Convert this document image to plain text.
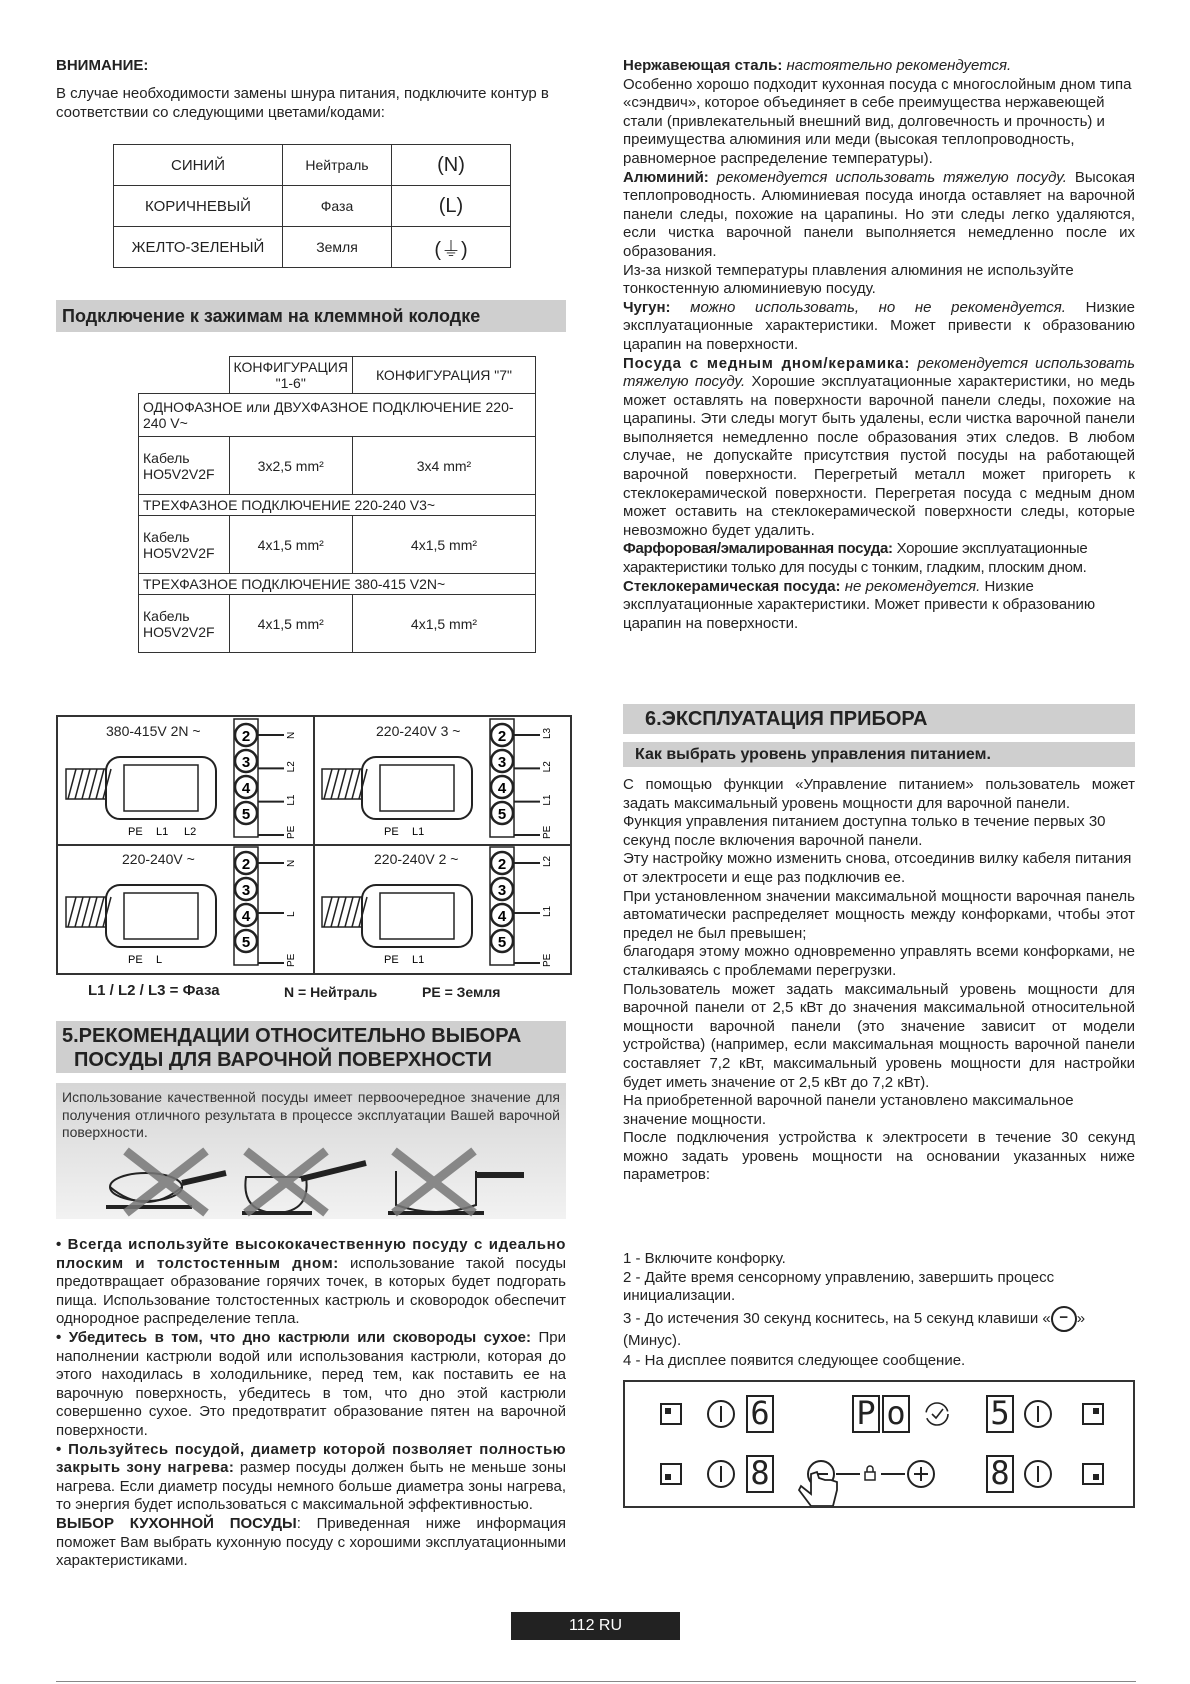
ВНИМАНИЕ:

В случае необходимости замены шнура питания, подключите контур в соответствии со следующими цветами/кодами:

СИНИЙ	Нейтраль	(N)
КОРИЧНЕВЫЙ	Фаза	(L)
ЖЕЛТО-ЗЕЛЕНЫЙ	Земля	(⏚)
Подключение к зажимам на клеммной колодке
	КОНФИГУРАЦИЯ "1-6"	КОНФИГУРАЦИЯ "7"
ОДНОФАЗНОЕ или ДВУХФАЗНОЕ ПОДКЛЮЧЕНИЕ 220-240 V~		
Кабель HO5V2V2F	3x2,5 mm²	3x4 mm²
ТРЕХФАЗНОЕ ПОДКЛЮЧЕНИЕ 220-240 V3~		
Кабель HO5V2V2F	4x1,5 mm²	4x1,5 mm²
ТРЕХФАЗНОЕ ПОДКЛЮЧЕНИЕ 380-415 V2N~		
Кабель HO5V2V2F	4x1,5 mm²	4x1,5 mm²
2
3
4
5
N
L2
L1
PE
PE L1 L2
2
3
4
5
L3
L2
L1
PE
PE L1
2
3
4
5
N
L
PE
PE L
2
3
4
5
L2
L1
PE
PE L1
380-415V 2N ~	220-240V 3 ~
220-240V ~	220-240V 2 ~
L1 / L2 / L3 = Фаза	N = Нейтраль	PE = Земля
5.РЕКОМЕНДАЦИИ ОТНОСИТЕЛЬНО ВЫБОРА
ПОСУДЫ ДЛЯ ВАРОЧНОЙ ПОВЕРХНОСТИ

Использование качественной посуды имеет первоочередное значение для получения отличного результата в процессе эксплуатации Вашей варочной поверхности.

• Всегда используйте высококачественную посуду с идеально плоским и толстостенным дном: использование такой посуды предотвращает образование горячих точек, в которых будет подгорать пища. Использование толстостенных кастрюль и сковородок обеспечит однородное распределение тепла.

• Убедитесь в том, что дно кастрюли или сковороды сухое: При наполнении кастрюли водой или использования кастрюли, которая до этого находилась в холодильнике, перед тем, как поставить ее на варочную поверхность, убедитесь в том, что дно этой кастрюли совершенно сухое. Это предотвратит образование пятен на варочной поверхности.

• Пользуйтесь посудой, диаметр которой позволяет полностью закрыть зону нагрева: размер посуды должен быть не меньше зоны нагрева. Если диаметр посуды немного больше диаметра зоны нагрева, то энергия будет использоваться с максимальной эффективностью.

ВЫБОР КУХОННОЙ ПОСУДЫ: Приведенная ниже информация поможет Вам выбрать кухонную посуду с хорошими эксплуатационными характеристиками.

Нержавеющая сталь: настоятельно рекомендуется.

Особенно хорошо подходит кухонная посуда с многослойным дном типа «сэндвич», которое объединяет в себе преимущества нержавеющей стали (привлекательный внешний вид, долговечность и прочность) и преимущества алюминия или меди (высокая теплопроводность, равномерное распределение температуры).

Алюминий: рекомендуется использовать тяжелую посуду. Высокая теплопроводность. Алюминиевая посуда иногда оставляет на варочной панели следы, похожие на царапины. Но эти следы легко удаляются, если чистка варочной панели выполняется немедленно после их образования.

Из-за низкой температуры плавления алюминия не используйте тонкостенную алюминиевую посуду.

Чугун: можно использовать, но не рекомендуется. Низкие эксплуатационные характеристики. Может привести к образованию царапин на поверхности.

Посуда с медным дном/керамика: рекомендуется использовать тяжелую посуду. Хорошие эксплуатационные характеристики, но медь может оставлять на поверхности варочной панели следы, похожие на царапины. Эти следы могут быть удалены, если чистка варочной панели выполняется немедленно после образования этих следов. В любом случае, не допускайте присутствия пустой посуды на работающей варочной поверхности. Перегретый металл может пригореть к стеклокерамической поверхности. Перегретая посуда с медным дном может оставить на стеклокерамической поверхности следы, которые невозможно будет удалить.

Фарфоровая/эмалированная посуда: Хорошие эксплуатационные характеристики только для посуды с тонким, гладким, плоским дном.

Стеклокерамическая посуда: не рекомендуется. Низкие эксплуатационные характеристики. Может привести к образованию царапин на поверхности.

6.ЭКСПЛУАТАЦИЯ ПРИБОРА
Как выбрать уровень управления питанием.

С помощью функции «Управление питанием» пользователь может задать максимальный уровень мощности для варочной панели.

Функция управления питанием доступна только в течение первых 30 секунд после включения варочной панели.

Эту настройку можно изменить снова, отсоединив вилку кабеля питания от электросети и еще раз подключив ее.

При установленном значении максимальной мощности варочная панель автоматически распределяет мощность между конфорками, чтобы этот предел не был превышен;

благодаря этому можно одновременно управлять всеми конфорками, не сталкиваясь с проблемами перегрузки.

Пользователь может задать максимальный уровень мощности для варочной панели от 2,5 кВт до значения максимальной относительной мощности варочной панели (это значение зависит от модели устройства) (например, если максимальная мощность варочной панели составляет 7,2 кВт, максимальный уровень мощности для настройки будет иметь значение от 2,5 кВт до 7,2 кВт).

На приобретенной варочной панели установлено максимальное значение мощности.

После подключения устройства к электросети в течение 30 секунд можно задать уровень мощности на основании указанных ниже параметров:

1 - Включите конфорку.

2 - Дайте время сенсорному управлению, завершить процесс инициализации.

3 - До истечения 30 секунд коснитесь, на 5 секунд клавиши « − »

(Минус).

4 - На дисплее появится следующее сообщение.

6
8
P o	5
8
112 RU
